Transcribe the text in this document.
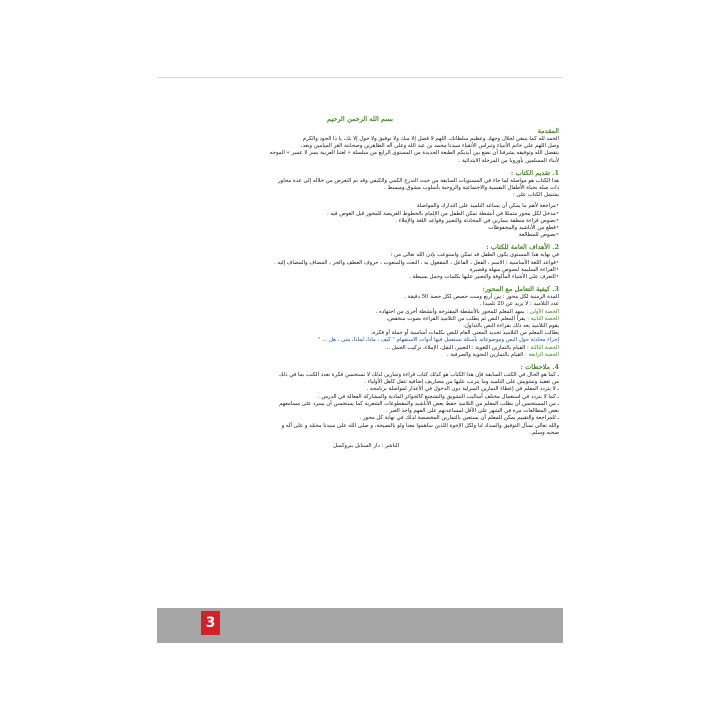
بسم الله الرحمن الرحيم
المقدمة

الحمد لله كما ينبغي لجلال وجهك وعظيم سلطانك، اللهم لا فضل إلا منك ولا توفيق ولا حول إلا بك، يا ذا الجود والكرم

وصل اللهم على خاتم الأنبياء وتبراس الأتقياء سيدنا محمد بن عبد الله وعلى آله الطاهرين وصحابته الغر الميامين وبعد،

يتفضل الله وتوفيقه يشرفنا أن نضع بين أيديكم الطبعة الجديدة من المستوى الرابع من سلسلة « لغتنا العربية يسر لا عسر » الموجه

لأبناء المسلمين بأوروبا من المرحلة الابتدائية .

1. تقديم الكتاب :

هذا الكتاب هو مواصلة لما جاء في المستويات السابقة من حيث التدرج الكمي والكيفي وقد تم التعرض من خلاله إلى عدة محاور

ذات صلة بحياة الأطفال النفسية والاجتماعية والروحية بأسلوب مشوق ومبسط .

يشتمل الكتاب على :

• مراجعة لأهم ما يمكن أن يساعد التلميذ على التدارك والمواصلة

• مدخل لكل محور متمثلا في أنشطة تمكن الطفل من الإلمام بالخطوط العريضة للمحور قبل الغوص فيه .

• نصوص قراءة منطقة بتمارين في المحادثة والتعبير وقواعد اللغة والإملاء .

• قطع من الأناشيد والمحفوظات

• نصوص للمطالعة

2. الأهداف العامة للكتاب :

في نهاية هذا المستوى يكون الطفل قد تمكن واستوعب بإذن الله تعالى من :

• قواعد اللغة الأساسية : الاسم ، الفعل ، الفاعل ، المفعول به ، النعت والمنعوت ، حروف العطف والجر ، المضاف والمضاف إليه .

• القراءة السليمة لنصوص سهلة وقصيرة

• التعرف على الأشياء المألوفة والتعبير عليها بكلمات وجمل بسيطة .

3. كيفية التعامل مع المحور:

المدة الزمنية لكل محور : بين أربع وست حصص لكل حصة 50 دقيقة .

عدد التلاميذ : لا يزيد عن 20 تلميذا .

الحصة الأولى : يمهد المعلم للمحور بالأنشطة المقترحة وأنشطة أخرى من اجتهاده .

الحصة الثانية : يقرأ المعلم النص ثم يطلب من التلاميذ القراءة بصوت منخفض،

يقوم التلاميذ بعد ذلك بقراءة النص بالتداول،

يطالب المعلم من التلاميذ تحديد المعنى العام للنص بكلمات أساسية أو جملة أو فكرة،

إجراء محادثة حول النص وموضوعاته بأسئلة تستعمل فيها أدوات الاستفهام " كيف ، ماذا، لماذا، متى ، هل ... "

الحصة الثالثة : القيام بالتمارين اللغوية : التعبير، النقل، الإملاء، تركيب الجمل ...

الحصة الرابعة : القيام بالتمارين النحوية والصرفية .

4. ملاحظات :

ـ كما هو الحال في الكتب السابقة فإن هذا الكتاب هو كذلك كتاب قراءة وتمارين لذلك لا نستحسن فكرة تعدد الكتب بما في ذلك

من تعقيد وتشويش على التلميذ وما يترتب عليها من مصاريف إضافية تثقل كاهل الأولياء .

ـ لا يتردد المعلم في إعطاء التمارين المنزلية دون الدخول في الأعذار لمواصلة برنامجه .

ـ كما لا يتردد في استعمال مختلف أساليب التشويق والتشجيع كالجوائز المادية والمشاركة الفعالة في الدرس .

ـ من المستحسن أن يطلب المعلم من التلاميذ حفظ بعض الأناشيد والمقطوعات الشعرية كما يستحسن أن يسرد على مسامعهم

بعض المطالعات مرة في الشهر على الأقل لمساعدتهم على الفهم واخذ العبر .

ـ للمراجعة والتقييم يمكن للمعلم أن يستعين بالتمارين المخصصة لذلك في نهاية كل محور .

والله تعالى نسأل التوفيق والسداد لنا ولكل الإخوة اللذين ساهموا معنا ولو بالنصيحة، و صلى الله على سيدنا محمّد و على آله و

صحبه وسلم.

الناشر : دار السنابل ببروكسل

3
